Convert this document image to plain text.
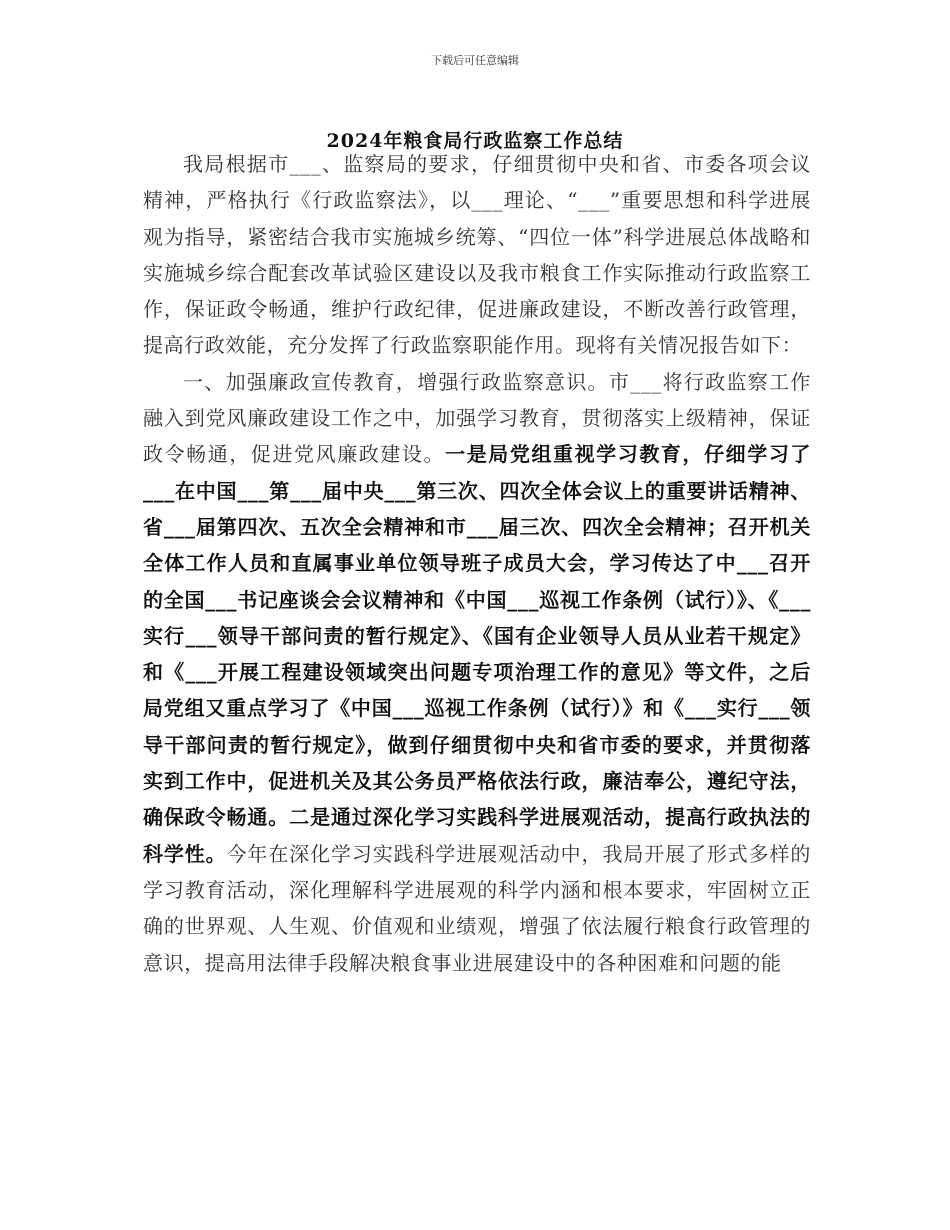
下载后可任意编辑
2024年粮食局行政监察工作总结

我局根据市___、监察局的要求，仔细贯彻中央和省、市委各项会议精神，严格执行《行政监察法》，以___理论、“___”重要思想和科学进展观为指导，紧密结合我市实施城乡统筹、“四位一体”科学进展总体战略和实施城乡综合配套改革试验区建设以及我市粮食工作实际推动行政监察工作，保证政令畅通，维护行政纪律，促进廉政建设，不断改善行政管理，提高行政效能，充分发挥了行政监察职能作用。现将有关情况报告如下：

一、加强廉政宣传教育，增强行政监察意识。市___将行政监察工作融入到党风廉政建设工作之中，加强学习教育，贯彻落实上级精神，保证政令畅通，促进党风廉政建设。一是局党组重视学习教育，仔细学习了___在中国___第___届中央___第三次、四次全体会议上的重要讲话精神、省___届第四次、五次全会精神和市___届三次、四次全会精神；召开机关全体工作人员和直属事业单位领导班子成员大会，学习传达了中___召开的全国___书记座谈会会议精神和《中国___巡视工作条例（试行）》、《___实行___领导干部问责的暂行规定》、《国有企业领导人员从业若干规定》和《___开展工程建设领域突出问题专项治理工作的意见》等文件，之后局党组又重点学习了《中国___巡视工作条例（试行）》和《___实行___领导干部问责的暂行规定》，做到仔细贯彻中央和省市委的要求，并贯彻落实到工作中，促进机关及其公务员严格依法行政，廉洁奉公，遵纪守法，确保政令畅通。二是通过深化学习实践科学进展观活动，提高行政执法的科学性。今年在深化学习实践科学进展观活动中，我局开展了形式多样的学习教育活动，深化理解科学进展观的科学内涵和根本要求，牢固树立正确的世界观、人生观、价值观和业绩观，增强了依法履行粮食行政管理的意识，提高用法律手段解决粮食事业进展建设中的各种困难和问题的能
